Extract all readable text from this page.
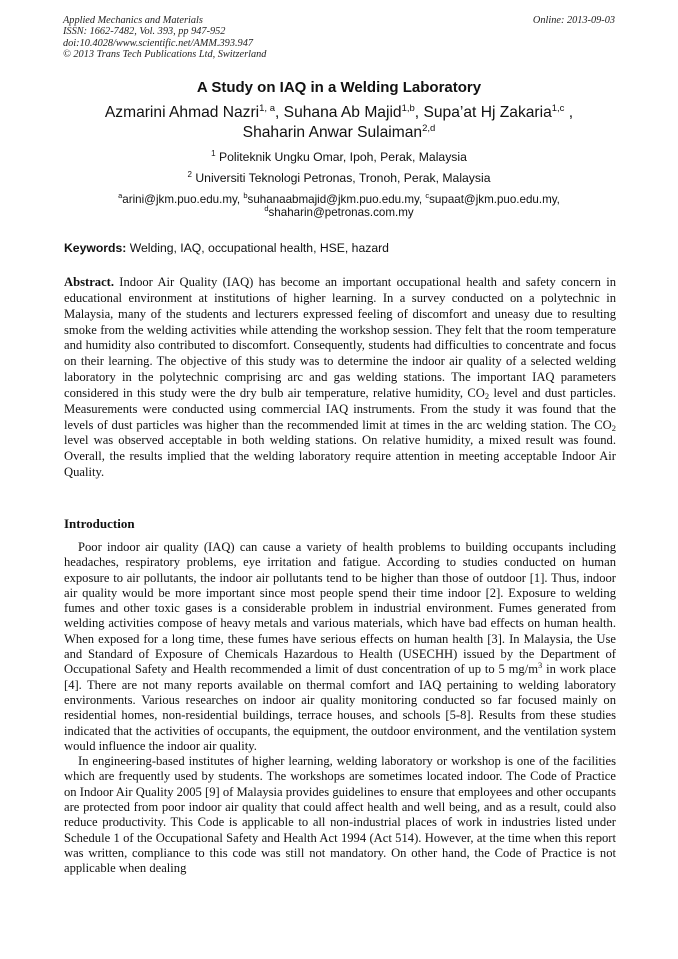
Applied Mechanics and Materials
ISSN: 1662-7482, Vol. 393, pp 947-952
doi:10.4028/www.scientific.net/AMM.393.947
© 2013 Trans Tech Publications Ltd, Switzerland
Online: 2013-09-03
A Study on IAQ in a Welding Laboratory
Azmarini Ahmad Nazri$^{1, a}$, Suhana Ab Majid$^{1,b}$, Supa’at Hj Zakaria$^{1,c}$ ,
Shaharin Anwar Sulaiman$^{2,d}$
$^1$ Politeknik Ungku Omar, Ipoh, Perak, Malaysia
$^2$ Universiti Teknologi Petronas, Tronoh, Perak, Malaysia
$^a$arini@jkm.puo.edu.my, $^b$suhanaabmajid@jkm.puo.edu.my, $^c$supaat@jkm.puo.edu.my,
$^d$shaharin@petronas.com.my
Keywords: Welding, IAQ, occupational health, HSE, hazard
Abstract. Indoor Air Quality (IAQ) has become an important occupational health and safety concern in educational environment at institutions of higher learning. In a survey conducted on a polytechnic in Malaysia, many of the students and lecturers expressed feeling of discomfort and uneasy due to resulting smoke from the welding activities while attending the workshop session. They felt that the room temperature and humidity also contributed to discomfort. Consequently, students had difficulties to concentrate and focus on their learning. The objective of this study was to determine the indoor air quality of a selected welding laboratory in the polytechnic comprising arc and gas welding stations. The important IAQ parameters considered in this study were the dry bulb air temperature, relative humidity, $CO_2$ level and dust particles. Measurements were conducted using commercial IAQ instruments. From the study it was found that the levels of dust particles was higher than the recommended limit at times in the arc welding station. The $CO_2$ level was observed acceptable in both welding stations. On relative humidity, a mixed result was found. Overall, the results implied that the welding laboratory require attention in meeting acceptable Indoor Air Quality.
Introduction

Poor indoor air quality (IAQ) can cause a variety of health problems to building occupants including headaches, respiratory problems, eye irritation and fatigue. According to studies conducted on human exposure to air pollutants, the indoor air pollutants tend to be higher than those of outdoor [1]. Thus, indoor air quality would be more important since most people spend their time indoor [2]. Exposure to welding fumes and other toxic gases is a considerable problem in industrial environment. Fumes generated from welding activities compose of heavy metals and various materials, which have bad effects on human health. When exposed for a long time, these fumes have serious effects on human health [3]. In Malaysia, the Use and Standard of Exposure of Chemicals Hazardous to Health (USECHH) issued by the Department of Occupational Safety and Health recommended a limit of dust concentration of up to 5 $mg/m^3$ in work place [4]. There are not many reports available on thermal comfort and IAQ pertaining to welding laboratory environments. Various researches on indoor air quality monitoring conducted so far focused mainly on residential homes, non-residential buildings, terrace houses, and schools [5-8]. Results from these studies indicated that the activities of occupants, the equipment, the outdoor environment, and the ventilation system would influence the indoor air quality.

In engineering-based institutes of higher learning, welding laboratory or workshop is one of the facilities which are frequently used by students. The workshops are sometimes located indoor. The Code of Practice on Indoor Air Quality 2005 [9] of Malaysia provides guidelines to ensure that employees and other occupants are protected from poor indoor air quality that could affect health and well being, and as a result, could also reduce productivity. This Code is applicable to all non-industrial places of work in industries listed under Schedule 1 of the Occupational Safety and Health Act 1994 (Act 514). However, at the time when this report was written, compliance to this code was still not mandatory. On other hand, the Code of Practice is not applicable when dealing
